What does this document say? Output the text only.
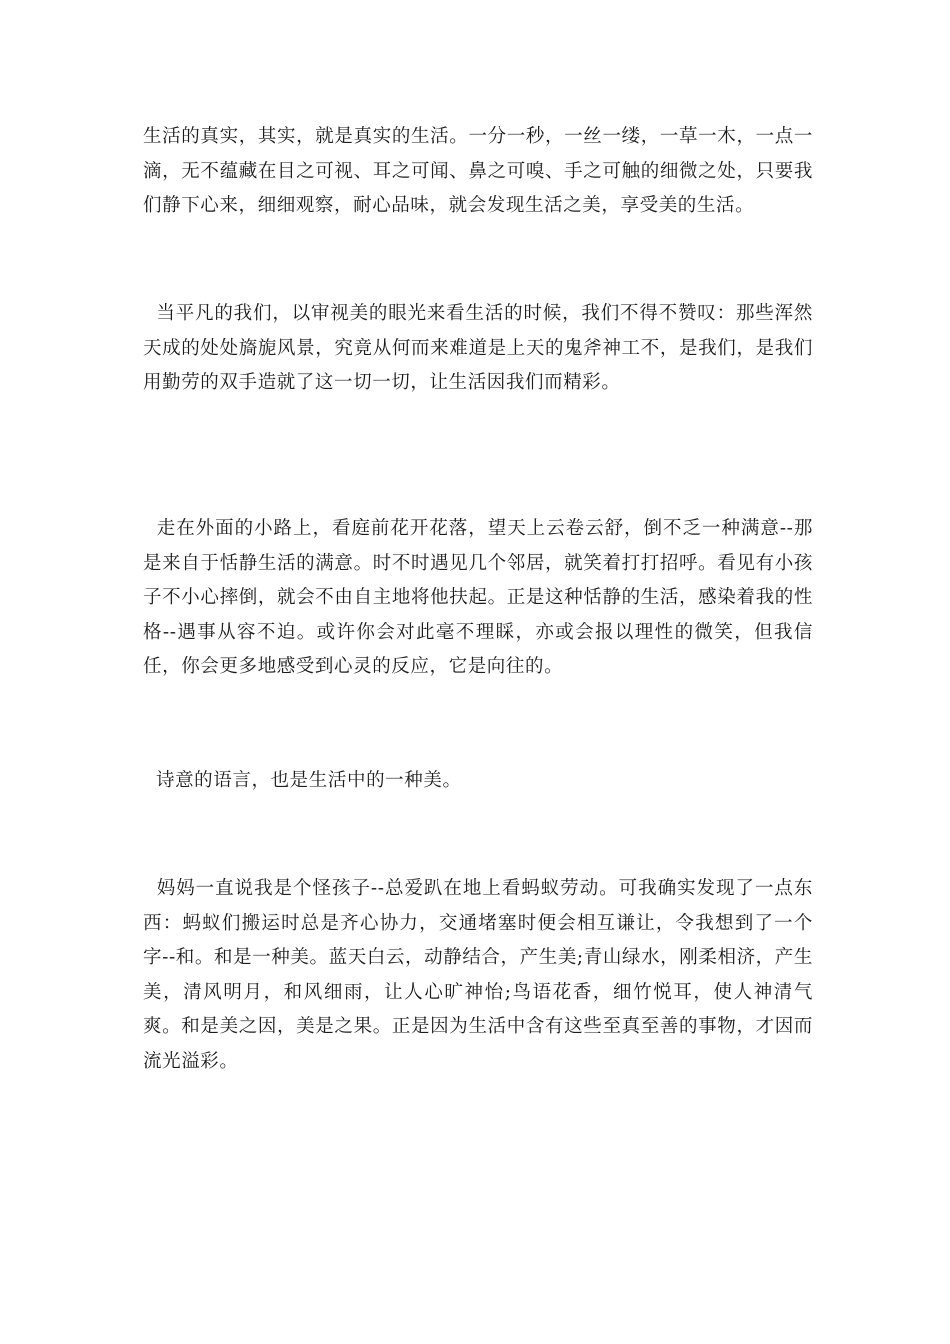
生活的真实，其实，就是真实的生活。一分一秒，一丝一缕，一草一木，一点一滴，无不蕴藏在目之可视、耳之可闻、鼻之可嗅、手之可触的细微之处，只要我们静下心来，细细观察，耐心品味，就会发现生活之美，享受美的生活。

当平凡的我们，以审视美的眼光来看生活的时候，我们不得不赞叹：那些浑然天成的处处旖旎风景，究竟从何而来难道是上天的鬼斧神工不，是我们，是我们用勤劳的双手造就了这一切一切，让生活因我们而精彩。

走在外面的小路上，看庭前花开花落，望天上云卷云舒，倒不乏一种满意--那是来自于恬静生活的满意。时不时遇见几个邻居，就笑着打打招呼。看见有小孩子不小心摔倒，就会不由自主地将他扶起。正是这种恬静的生活，感染着我的性格--遇事从容不迫。或许你会对此毫不理睬，亦或会报以理性的微笑，但我信任，你会更多地感受到心灵的反应，它是向往的。

诗意的语言，也是生活中的一种美。

妈妈一直说我是个怪孩子--总爱趴在地上看蚂蚁劳动。可我确实发现了一点东西：蚂蚁们搬运时总是齐心协力，交通堵塞时便会相互谦让，令我想到了一个字--和。和是一种美。蓝天白云，动静结合，产生美;青山绿水，刚柔相济，产生美，清风明月，和风细雨，让人心旷神怡;鸟语花香，细竹悦耳，使人神清气爽。和是美之因，美是之果。正是因为生活中含有这些至真至善的事物，才因而流光溢彩。
